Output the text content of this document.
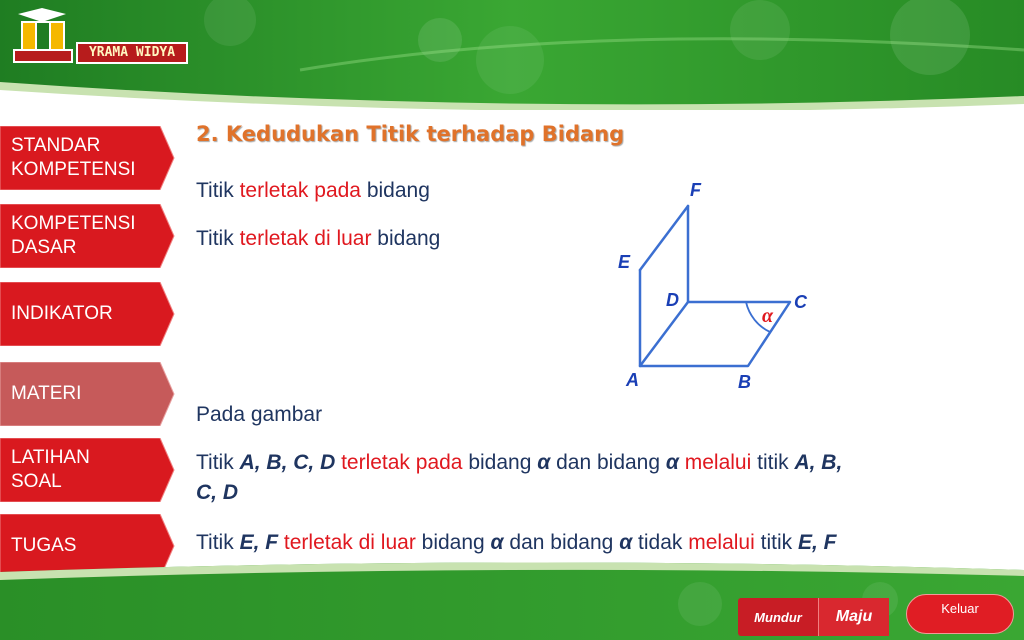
YRAMA WIDYA
STANDAR
KOMPETENSI
KOMPETENSI
DASAR
INDIKATOR
MATERI
LATIHAN
SOAL
TUGAS
2. Kedudukan Titik terhadap Bidang
Titik terletak pada bidang
Titik terletak di luar bidang
Pada gambar
Titik A, B, C, D terletak pada bidang α dan bidang α melalui titik A, B,
C, D
Titik E, F terletak di luar bidang α dan bidang α tidak melalui titik E, F
F
E
D	C
A	B
α
Mundur	Maju	Keluar
